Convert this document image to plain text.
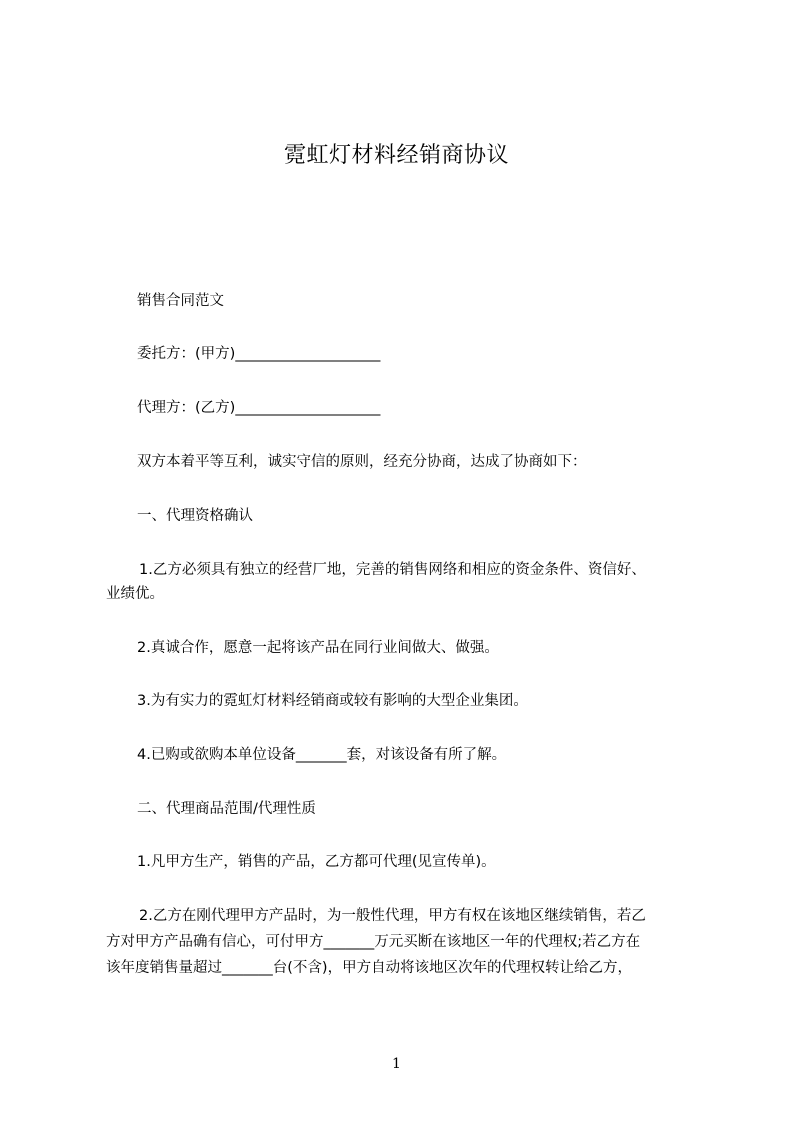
霓虹灯材料经销商协议
销售合同范文
委托方：(甲方)____________________
代理方：(乙方)____________________
双方本着平等互利，诚实守信的原则，经充分协商，达成了协商如下：
一、代理资格确认
1.乙方必须具有独立的经营厂地，完善的销售网络和相应的资金条件、资信好、
业绩优。
2.真诚合作，愿意一起将该产品在同行业间做大、做强。
3.为有实力的霓虹灯材料经销商或较有影响的大型企业集团。
4.已购或欲购本单位设备_______套，对该设备有所了解。
二、代理商品范围/代理性质
1.凡甲方生产，销售的产品，乙方都可代理(见宣传单)。
2.乙方在刚代理甲方产品时，为一般性代理，甲方有权在该地区继续销售，若乙
方对甲方产品确有信心，可付甲方_______万元买断在该地区一年的代理权;若乙方在
该年度销售量超过_______台(不含)，甲方自动将该地区次年的代理权转让给乙方，
1
